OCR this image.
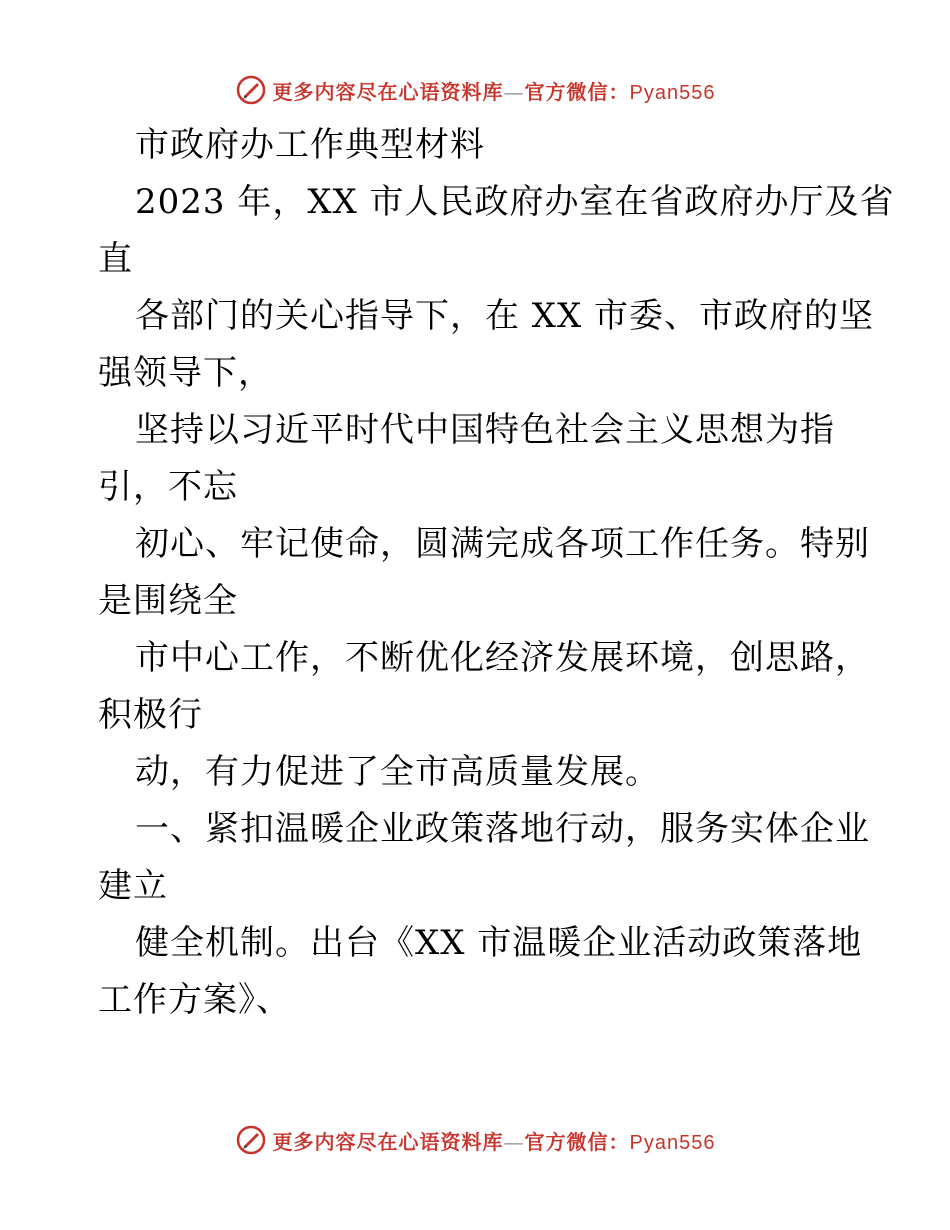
更多内容尽在心语资料库—官方微信：Pyan556
市政府办工作典型材料
2023 年，XX 市人民政府办室在省政府办厅及省
直
各部门的关心指导下，在 XX 市委、市政府的坚
强领导下，
坚持以习近平时代中国特色社会主义思想为指
引，不忘
初心、牢记使命，圆满完成各项工作任务。特别
是围绕全
市中心工作，不断优化经济发展环境，创思路，
积极行
动，有力促进了全市高质量发展。
一、紧扣温暖企业政策落地行动，服务实体企业
建立
健全机制。出台《XX 市温暖企业活动政策落地
工作方案》、
更多内容尽在心语资料库—官方微信：Pyan556
